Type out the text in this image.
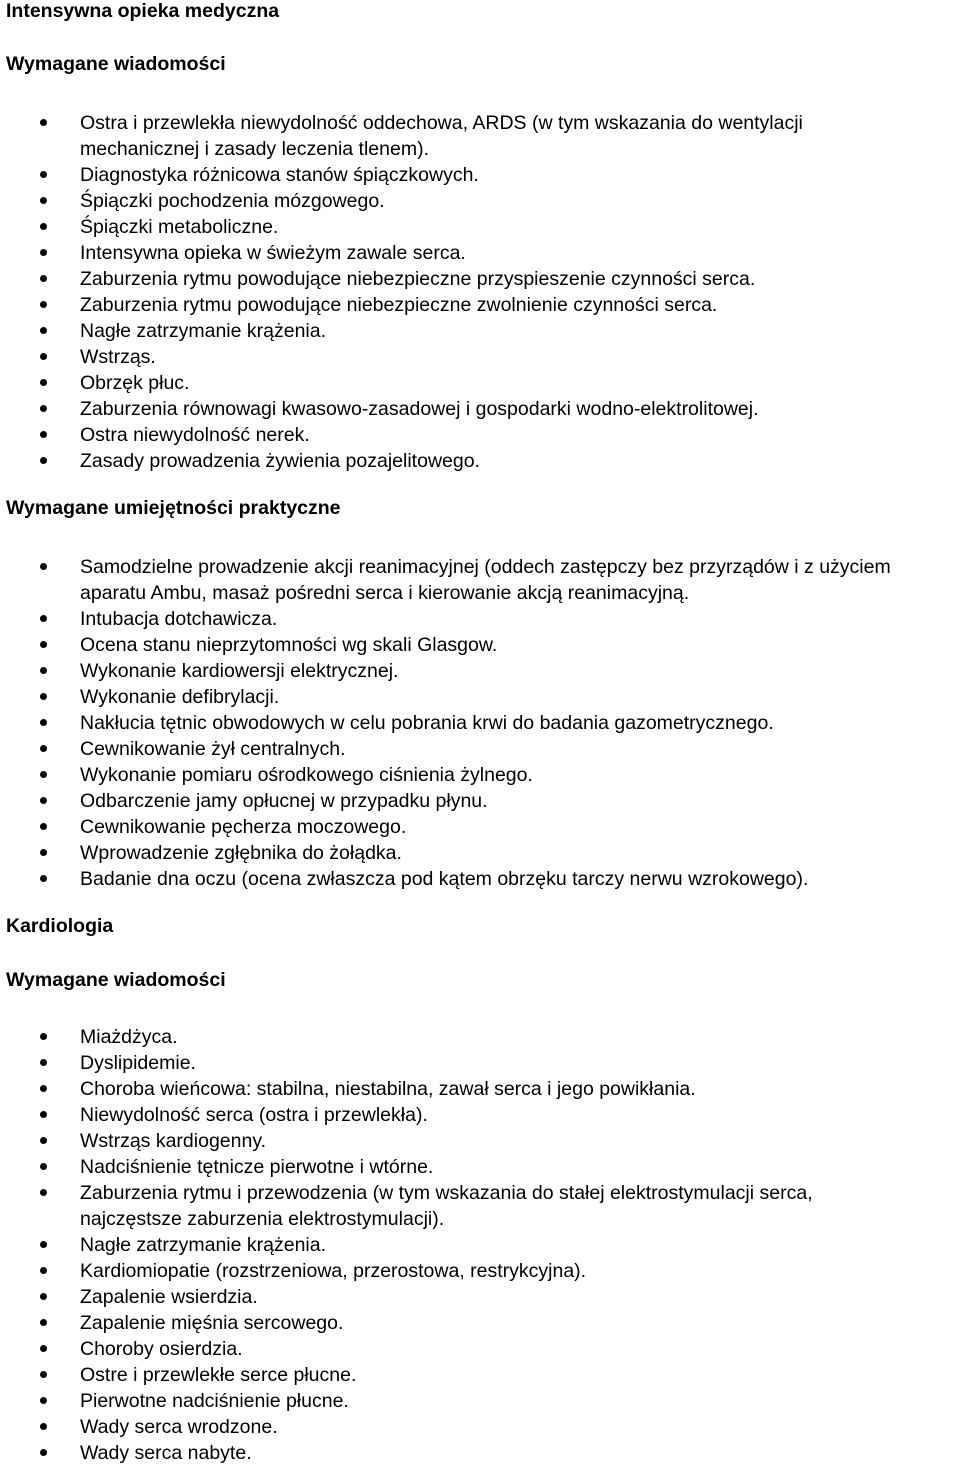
Intensywna opieka medyczna
Wymagane wiadomości
Ostra i przewlekła niewydolność oddechowa, ARDS (w tym wskazania do wentylacji
mechanicznej i zasady leczenia tlenem).
Diagnostyka różnicowa stanów śpiączkowych.
Śpiączki pochodzenia mózgowego.
Śpiączki metaboliczne.
Intensywna opieka w świeżym zawale serca.
Zaburzenia rytmu powodujące niebezpieczne przyspieszenie czynności serca.
Zaburzenia rytmu powodujące niebezpieczne zwolnienie czynności serca.
Nagłe zatrzymanie krążenia.
Wstrząs.
Obrzęk płuc.
Zaburzenia równowagi kwasowo-zasadowej i gospodarki wodno-elektrolitowej.
Ostra niewydolność nerek.
Zasady prowadzenia żywienia pozajelitowego.
Wymagane umiejętności praktyczne
Samodzielne prowadzenie akcji reanimacyjnej (oddech zastępczy bez przyrządów i z użyciem
aparatu Ambu, masaż pośredni serca i kierowanie akcją reanimacyjną.
Intubacja dotchawicza.
Ocena stanu nieprzytomności wg skali Glasgow.
Wykonanie kardiowersji elektrycznej.
Wykonanie defibrylacji.
Nakłucia tętnic obwodowych w celu pobrania krwi do badania gazometrycznego.
Cewnikowanie żył centralnych.
Wykonanie pomiaru ośrodkowego ciśnienia żylnego.
Odbarczenie jamy opłucnej w przypadku płynu.
Cewnikowanie pęcherza moczowego.
Wprowadzenie zgłębnika do żołądka.
Badanie dna oczu (ocena zwłaszcza pod kątem obrzęku tarczy nerwu wzrokowego).
Kardiologia
Wymagane wiadomości
Miażdżyca.
Dyslipidemie.
Choroba wieńcowa: stabilna, niestabilna, zawał serca i jego powikłania.
Niewydolność serca (ostra i przewlekła).
Wstrząs kardiogenny.
Nadciśnienie tętnicze pierwotne i wtórne.
Zaburzenia rytmu i przewodzenia (w tym wskazania do stałej elektrostymulacji serca,
najczęstsze zaburzenia elektrostymulacji).
Nagłe zatrzymanie krążenia.
Kardiomiopatie (rozstrzeniowa, przerostowa, restrykcyjna).
Zapalenie wsierdzia.
Zapalenie mięśnia sercowego.
Choroby osierdzia.
Ostre i przewlekłe serce płucne.
Pierwotne nadciśnienie płucne.
Wady serca wrodzone.
Wady serca nabyte.
